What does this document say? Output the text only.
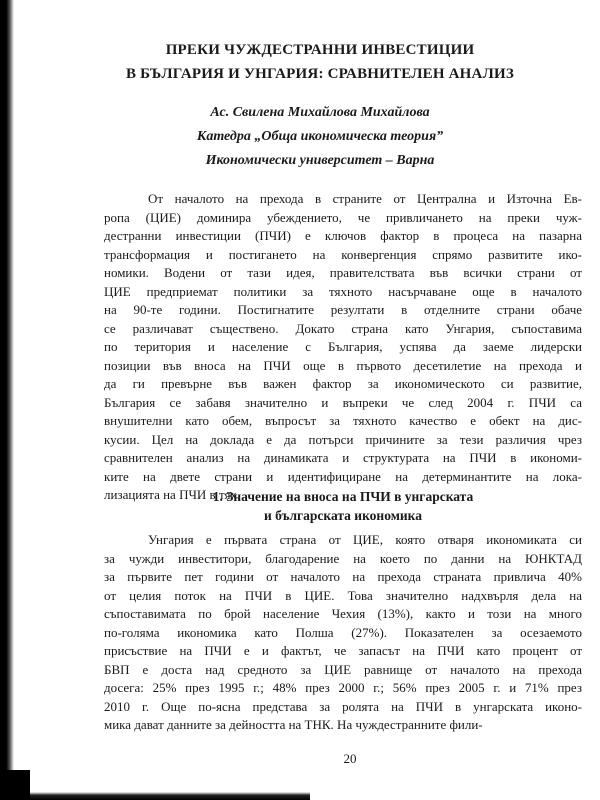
ПРЕКИ ЧУЖДЕСТРАННИ ИНВЕСТИЦИИ
В БЪЛГАРИЯ И УНГАРИЯ: СРАВНИТЕЛЕН АНАЛИЗ
Ас. Свилена Михайлова Михайлова
Катедра „Обща икономическа теория”
Икономически университет – Варна
От началото на прехода в страните от Централна и Източна Ев-
ропа (ЦИЕ) доминира убеждението, че привличането на преки чуж-
дестранни инвестиции (ПЧИ) е ключов фактор в процеса на пазарна
трансформация и постигането на конвергенция спрямо развитите ико-
номики. Водени от тази идея, правителствата във всички страни от
ЦИЕ предприемат политики за тяхното насърчаване още в началото
на 90-те години. Постигнатите резултати в отделните страни обаче
се различават съществено. Докато страна като Унгария, съпоставима
по територия и население с България, успява да заеме лидерски
позиции във вноса на ПЧИ още в първото десетилетие на прехода и
да ги превърне във важен фактор за икономическото си развитие,
България се забавя значително и въпреки че след 2004 г. ПЧИ са
внушителни като обем, въпросът за тяхното качество е обект на дис-
кусии. Цел на доклада е да потърси причините за тези различия чрез
сравнителен анализ на динамиката и структурата на ПЧИ в икономи-
ките на двете страни и идентифициране на детерминантите на лока-
лизацията на ПЧИ в тях.
1. Значение на вноса на ПЧИ в унгарската
и българската икономика
Унгария е първата страна от ЦИЕ, която отваря икономиката си
за чужди инвеститори, благодарение на което по данни на ЮНКТАД
за първите пет години от началото на прехода страната привлича 40%
от целия поток на ПЧИ в ЦИЕ. Това значително надхвърля дела на
съпоставимата по брой население Чехия (13%), както и този на много
по-голяма икономика като Полша (27%). Показателен за осезаемото
присъствие на ПЧИ е и фактът, че запасът на ПЧИ като процент от
БВП е доста над средното за ЦИЕ равнище от началото на прехода
досега: 25% през 1995 г.; 48% през 2000 г.; 56% през 2005 г. и 71% през
2010 г. Още по-ясна представа за ролята на ПЧИ в унгарската иконо-
мика дават данните за дейността на ТНК. На чуждестранните фили-
20
